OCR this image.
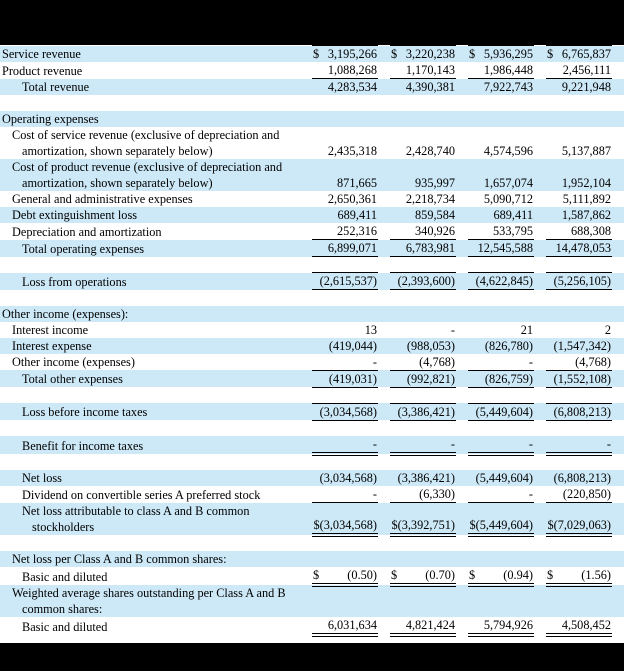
Service revenue		$ 3,195,266		$ 3,220,238		$ 5,936,295		$ 6,765,837	

Product revenue		1,088,268		1,170,143		1,986,448		2,456,111	
Total revenue		4,283,534		4,390,381		7,922,743		9,221,948	

Operating expenses									

Cost of service revenue (exclusive of depreciation and
amortization, shown separately below)		2,435,318		2,428,740		4,574,596		5,137,887	

Cost of product revenue (exclusive of depreciation and
amortization, shown separately below)		871,665		935,997		1,657,074		1,952,104	
General and administrative expenses		2,650,361		2,218,734		5,090,712		5,111,892	
Debt extinguishment loss		689,411		859,584		689,411		1,587,862	
Depreciation and amortization		252,316		340,926		533,795		688,308	
Total operating expenses		6,899,071		6,783,981		12,545,588		14,478,053	

Loss from operations		(2,615,537)		(2,393,600)		(4,622,845)		(5,256,105)	

Other income (expenses):									
Interest income		13		-		21		2	
Interest expense		(419,044)		(988,053)		(826,780)		(1,547,342)	
Other income (expenses)		-		(4,768)		-		(4,768)	
Total other expenses		(419,031)		(992,821)		(826,759)		(1,552,108)	

Loss before income taxes		(3,034,568)		(3,386,421)		(5,449,604)		(6,808,213)	

Benefit for income taxes		-		-		-		-	

Net loss		(3,034,568)		(3,386,421)		(5,449,604)		(6,808,213)	
Dividend on convertible series A preferred stock		-		(6,330)		-		(220,850)	

Net loss attributable to class A and B common
stockholders		$(3,034,568)		$(3,392,751)		$(5,449,604)		$(7,029,063)	

Net loss per Class A and B common shares:									
Basic and diluted		$ (0.50)		$ (0.70)		$ (0.94)		$ (1.56)	

Weighted average shares outstanding per Class A and B
common shares:									

Basic and diluted		6,031,634		4,821,424		5,794,926		4,508,452	
